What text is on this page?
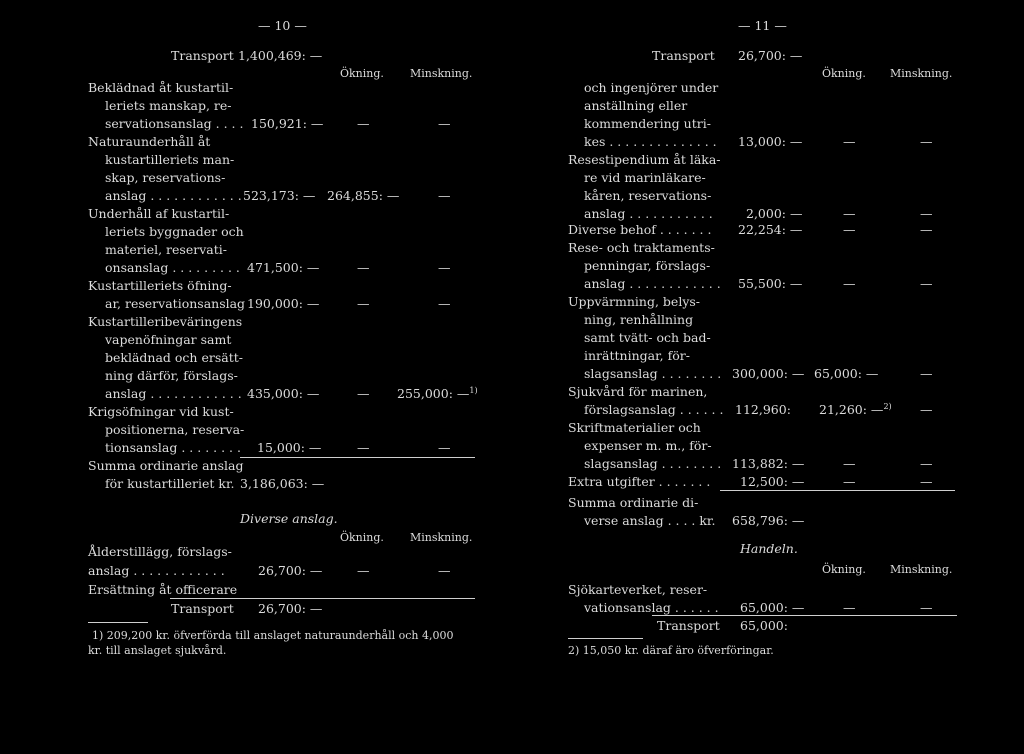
— 10 —
Transport 1,400,469: —
Ökning. Minskning.
Beklädnad åt kustartil-
leriets manskap, re-
servationsanslag . . . . 150,921: —	—	—
Naturaunderhåll åt
kustartilleriets man-
skap, reservations-
anslag . . . . . . . . . . . . 523,173: — 264,855: —	—
Underhåll af kustartil-
leriets byggnader och
materiel, reservati-
onsanslag . . . . . . . . . 471,500: —	—	—
Kustartilleriets öfning-
ar, reservationsanslag 190,000: —	—	—
Kustartilleribeväringens
vapenöfningar samt
beklädnad och ersätt-
ning därför, förslags-
anslag . . . . . . . . . . . . 435,000: —	— 255,000: —$^{1)}$
Krigsöfningar vid kust-
positionerna, reserva-
tionsanslag . . . . . . . . 15,000: —	—	—
Summa ordinarie anslag
för kustartilleriet kr. 3,186,063: —
Diverse anslag.
Ökning. Minskning.
Ålderstillägg, förslags-
anslag . . . . . . . . . . . .	26,700: —	—	—
Ersättning åt officerare
Transport 26,700: —
1) 209,200 kr. öfverförda till anslaget naturaunderhåll och 4,000
kr. till anslaget sjukvård.
— 11 —
Transport 26,700: —
Ökning. Minskning.
och ingenjörer under
anställning eller
kommendering utri-
kes . . . . . . . . . . . . . . 13,000: —	—	—
Resestipendium åt läka-
re vid marinläkare-
kåren, reservations-
anslag . . . . . . . . . . .	2,000: —	—	—
Diverse behof . . . . . . . 22,254: —	—	—
Rese- och traktaments-
penningar, förslags-
anslag . . . . . . . . . . . . 55,500: —	—	—
Uppvärmning, belys-
ning, renhållning
samt tvätt- och bad-
inrättningar, för-
slagsanslag . . . . . . . . 300,000: — 65,000: —	—
Sjukvård för marinen,
förslagsanslag . . . . . . 112,960: 21,260: —$^{2)}$ —
Skriftmaterialier och
expenser m. m., för-
slagsanslag . . . . . . . . 113,882: —	—	—
Extra utgifter . . . . . . . 12,500: —	—	—
Summa ordinarie di-
verse anslag . . . . kr. 658,796: —
Handeln.
Ökning. Minskning.
Sjökarteverket, reser-
vationsanslag . . . . . . 65,000: —	—	—
Transport 65,000:
2) 15,050 kr. däraf äro öfverföringar.
